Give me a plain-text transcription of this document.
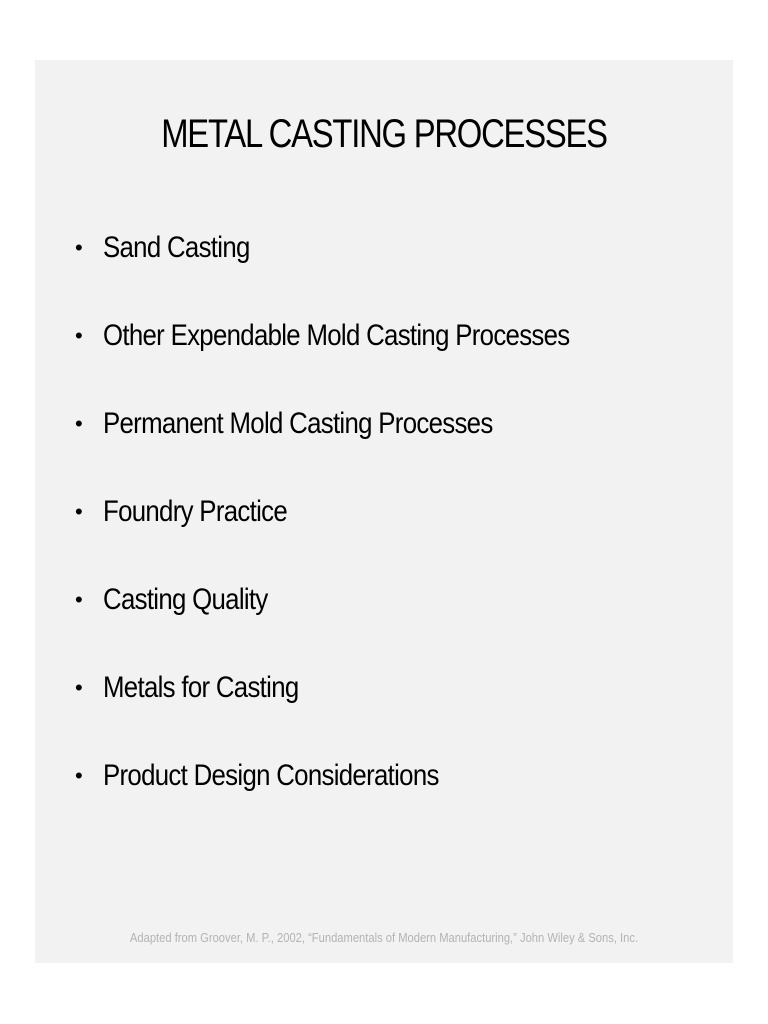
METAL CASTING PROCESSES
• Sand Casting
• Other Expendable Mold Casting Processes
• Permanent Mold Casting Processes
• Foundry Practice
• Casting Quality
• Metals for Casting
• Product Design Considerations
Adapted from Groover, M. P., 2002, “Fundamentals of Modern Manufacturing,” John Wiley & Sons, Inc.
